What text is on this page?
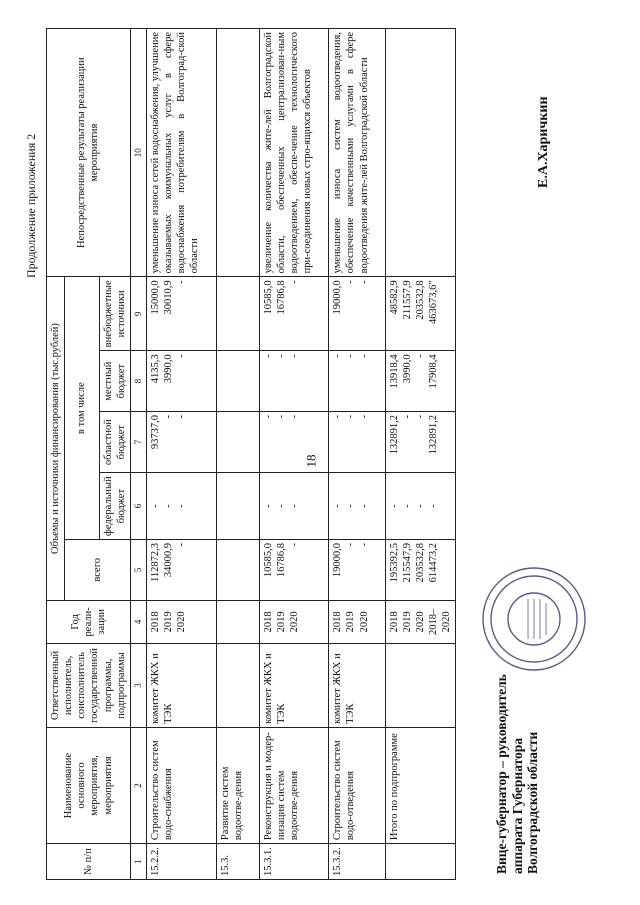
18
Продолжение приложения 2
№ п/п	Наименование основного мероприятия, мероприятия	Ответственный исполнитель, соисполнитель государственной программы, подпрограммы	Год реали-зации	Объемы и источники финансирования (тыс.рублей)					Непосредственные результаты реализации мероприятия
				всего	в том числе				
					федеральный бюджет	областной бюджет	местный бюджет	внебюджетные источники	
1	2	3	4	5	6	7	8	9	10
15.2.2.	Строительство систем водо-снабжения	комитет ЖКХ и ТЭК	2018 2019 2020	112872,3 34000,9 -	- - -	93737,0 - -	4135,3 3990,0 -	15000,0 30010,9 -	уменьшение износа сетей водоснабжения, улучшение оказываемых коммунальных услуг в сфере водоснабжения потребителям в Волгоград-ской области
15.3.	Развитие систем водоотве-дения								
15.3.1.	Реконструкция и модер-низация систем водоотве-дения	комитет ЖКХ и ТЭК	2018 2019 2020	10585,0 16786,8 -	- - -	- - -	- - -	10585,0 16786,8 -	увеличение количества жите-лей Волгоградской области, обеспеченных централизован-ным водоотведением, обеспе-чение технологического при-соединения новых стро-ящихся объектов
15.3.2.	Строительство систем водо-отведения	комитет ЖКХ и ТЭК	2018 2019 2020	19000,0 - -	- - -	- - -	- - -	19000,0 - -	уменьшение износа систем водоотведения, обеспечение качественными услугами в сфере водоотведения жите-лей Волгоградской области
	Итого по подпрограмме		2018 2019 2020 2018–2020	195392,5 215547,9 203532,8 614473,2	- - - -	132891,2 - - 132891,2	13918,4 3990,0 - 17908,4	48582,9 211557,9 203532,8 463673,6"	

Вице-губернатор – руководитель аппарата Губернатора Волгоградской области
Е.А.Харичкин
